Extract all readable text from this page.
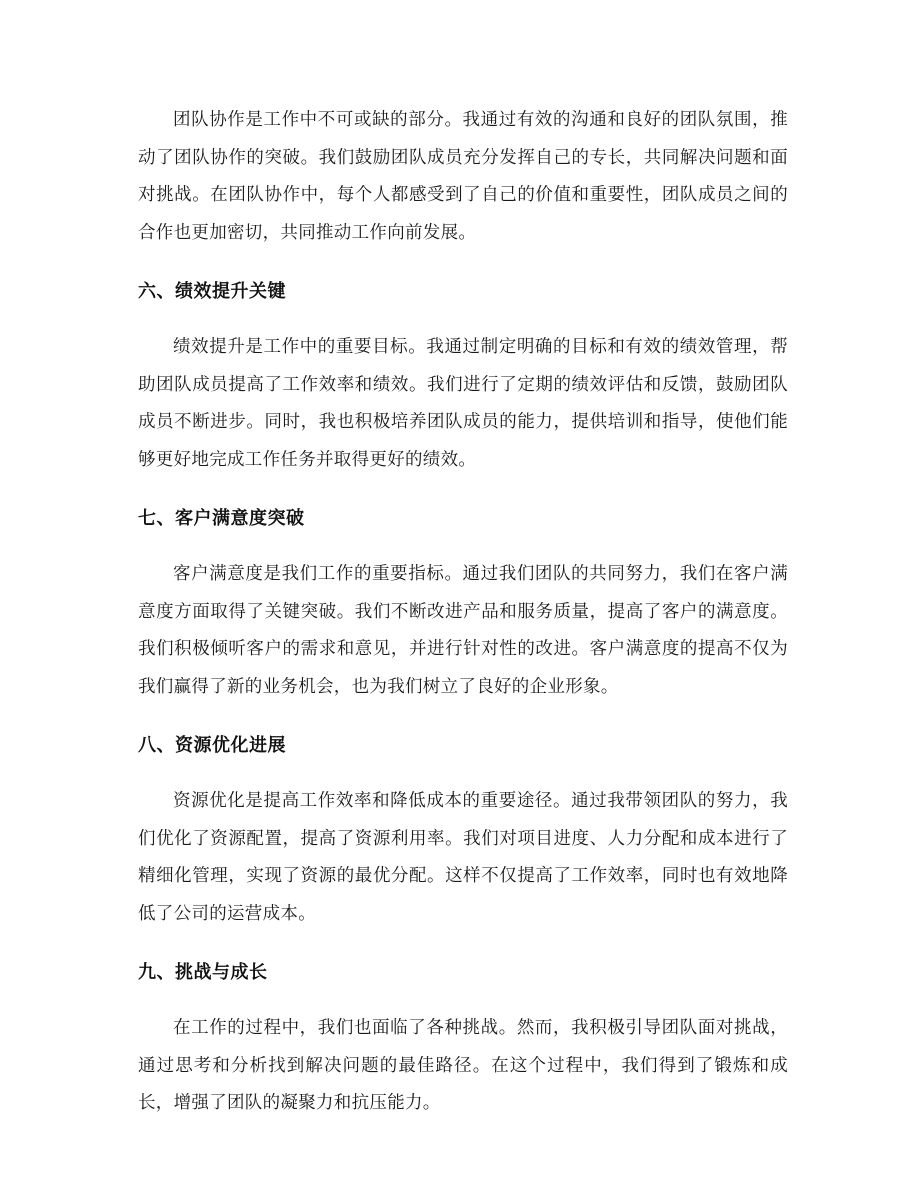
团队协作是工作中不可或缺的部分。我通过有效的沟通和良好的团队氛围，推动了团队协作的突破。我们鼓励团队成员充分发挥自己的专长，共同解决问题和面对挑战。在团队协作中，每个人都感受到了自己的价值和重要性，团队成员之间的合作也更加密切，共同推动工作向前发展。

六、绩效提升关键

绩效提升是工作中的重要目标。我通过制定明确的目标和有效的绩效管理，帮助团队成员提高了工作效率和绩效。我们进行了定期的绩效评估和反馈，鼓励团队成员不断进步。同时，我也积极培养团队成员的能力，提供培训和指导，使他们能够更好地完成工作任务并取得更好的绩效。

七、客户满意度突破

客户满意度是我们工作的重要指标。通过我们团队的共同努力，我们在客户满意度方面取得了关键突破。我们不断改进产品和服务质量，提高了客户的满意度。我们积极倾听客户的需求和意见，并进行针对性的改进。客户满意度的提高不仅为我们赢得了新的业务机会，也为我们树立了良好的企业形象。

八、资源优化进展

资源优化是提高工作效率和降低成本的重要途径。通过我带领团队的努力，我们优化了资源配置，提高了资源利用率。我们对项目进度、人力分配和成本进行了精细化管理，实现了资源的最优分配。这样不仅提高了工作效率，同时也有效地降低了公司的运营成本。

九、挑战与成长

在工作的过程中，我们也面临了各种挑战。然而，我积极引导团队面对挑战，通过思考和分析找到解决问题的最佳路径。在这个过程中，我们得到了锻炼和成长，增强了团队的凝聚力和抗压能力。
